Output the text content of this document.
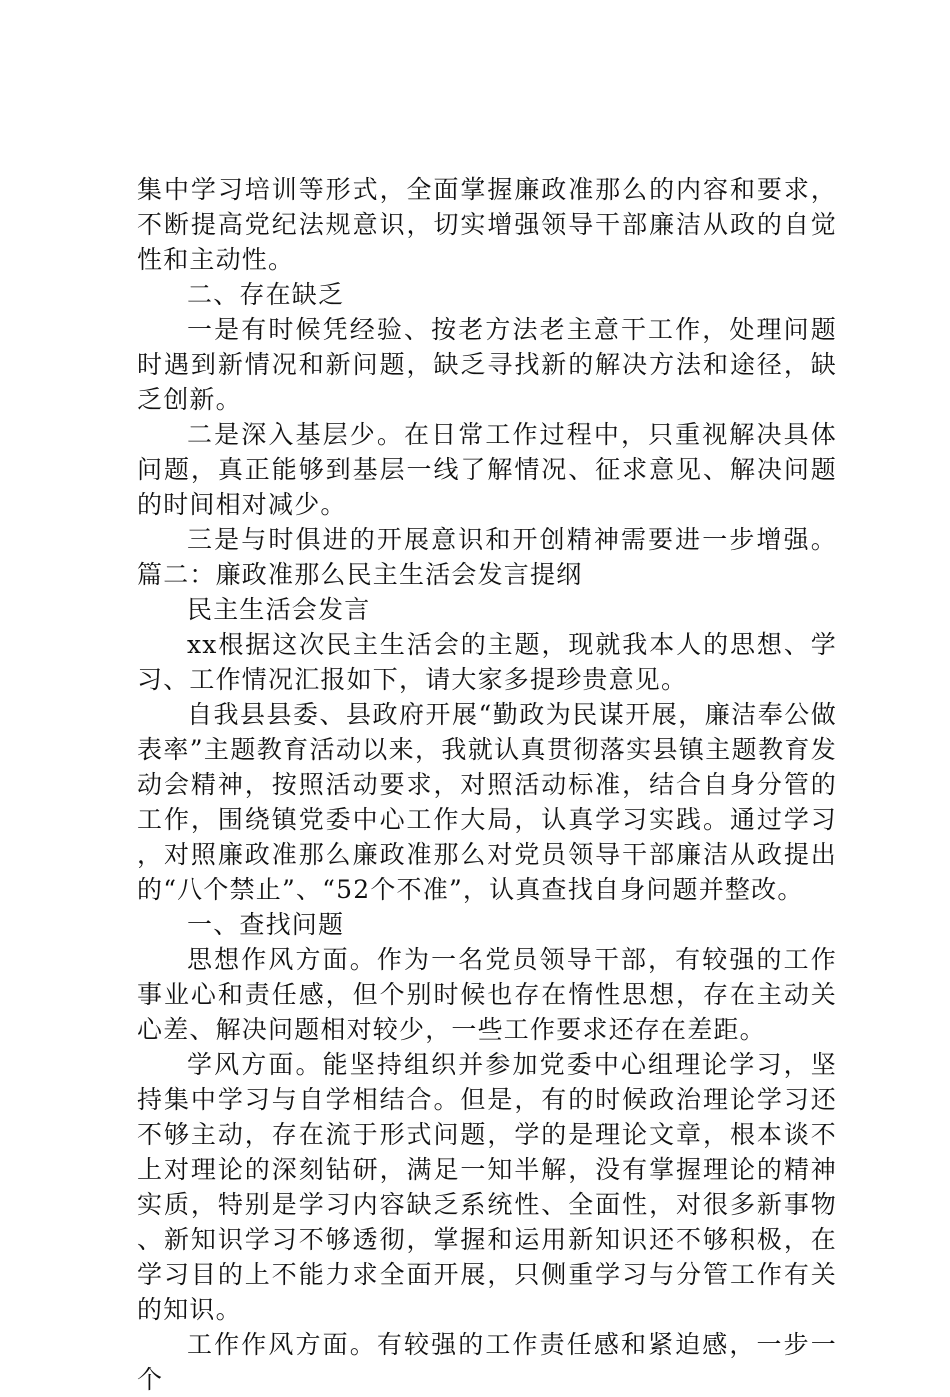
集中学习培训等形式，全面掌握廉政准那么的内容和要求，不断提高党纪法规意识，切实增强领导干部廉洁从政的自觉性和主动性。

二、存在缺乏

一是有时候凭经验、按老方法老主意干工作，处理问题时遇到新情况和新问题，缺乏寻找新的解决方法和途径，缺乏创新。

二是深入基层少。在日常工作过程中，只重视解决具体问题，真正能够到基层一线了解情况、征求意见、解决问题的时间相对减少。

三是与时俱进的开展意识和开创精神需要进一步增强。篇二：廉政准那么民主生活会发言提纲

民主生活会发言

xx根据这次民主生活会的主题，现就我本人的思想、学习、工作情况汇报如下，请大家多提珍贵意见。

自我县县委、县政府开展“勤政为民谋开展，廉洁奉公做表率”主题教育活动以来，我就认真贯彻落实县镇主题教育发动会精神，按照活动要求，对照活动标准，结合自身分管的工作，围绕镇党委中心工作大局，认真学习实践。通过学习，对照廉政准那么廉政准那么对党员领导干部廉洁从政提出的“八个禁止”、“52个不准”，认真查找自身问题并整改。

一、查找问题

思想作风方面。作为一名党员领导干部，有较强的工作事业心和责任感，但个别时候也存在惰性思想，存在主动关心差、解决问题相对较少，一些工作要求还存在差距。

学风方面。能坚持组织并参加党委中心组理论学习，坚持集中学习与自学相结合。但是，有的时候政治理论学习还不够主动，存在流于形式问题，学的是理论文章，根本谈不上对理论的深刻钻研，满足一知半解，没有掌握理论的精神实质，特别是学习内容缺乏系统性、全面性，对很多新事物、新知识学习不够透彻，掌握和运用新知识还不够积极，在学习目的上不能力求全面开展，只侧重学习与分管工作有关的知识。

工作作风方面。有较强的工作责任感和紧迫感，一步一个
